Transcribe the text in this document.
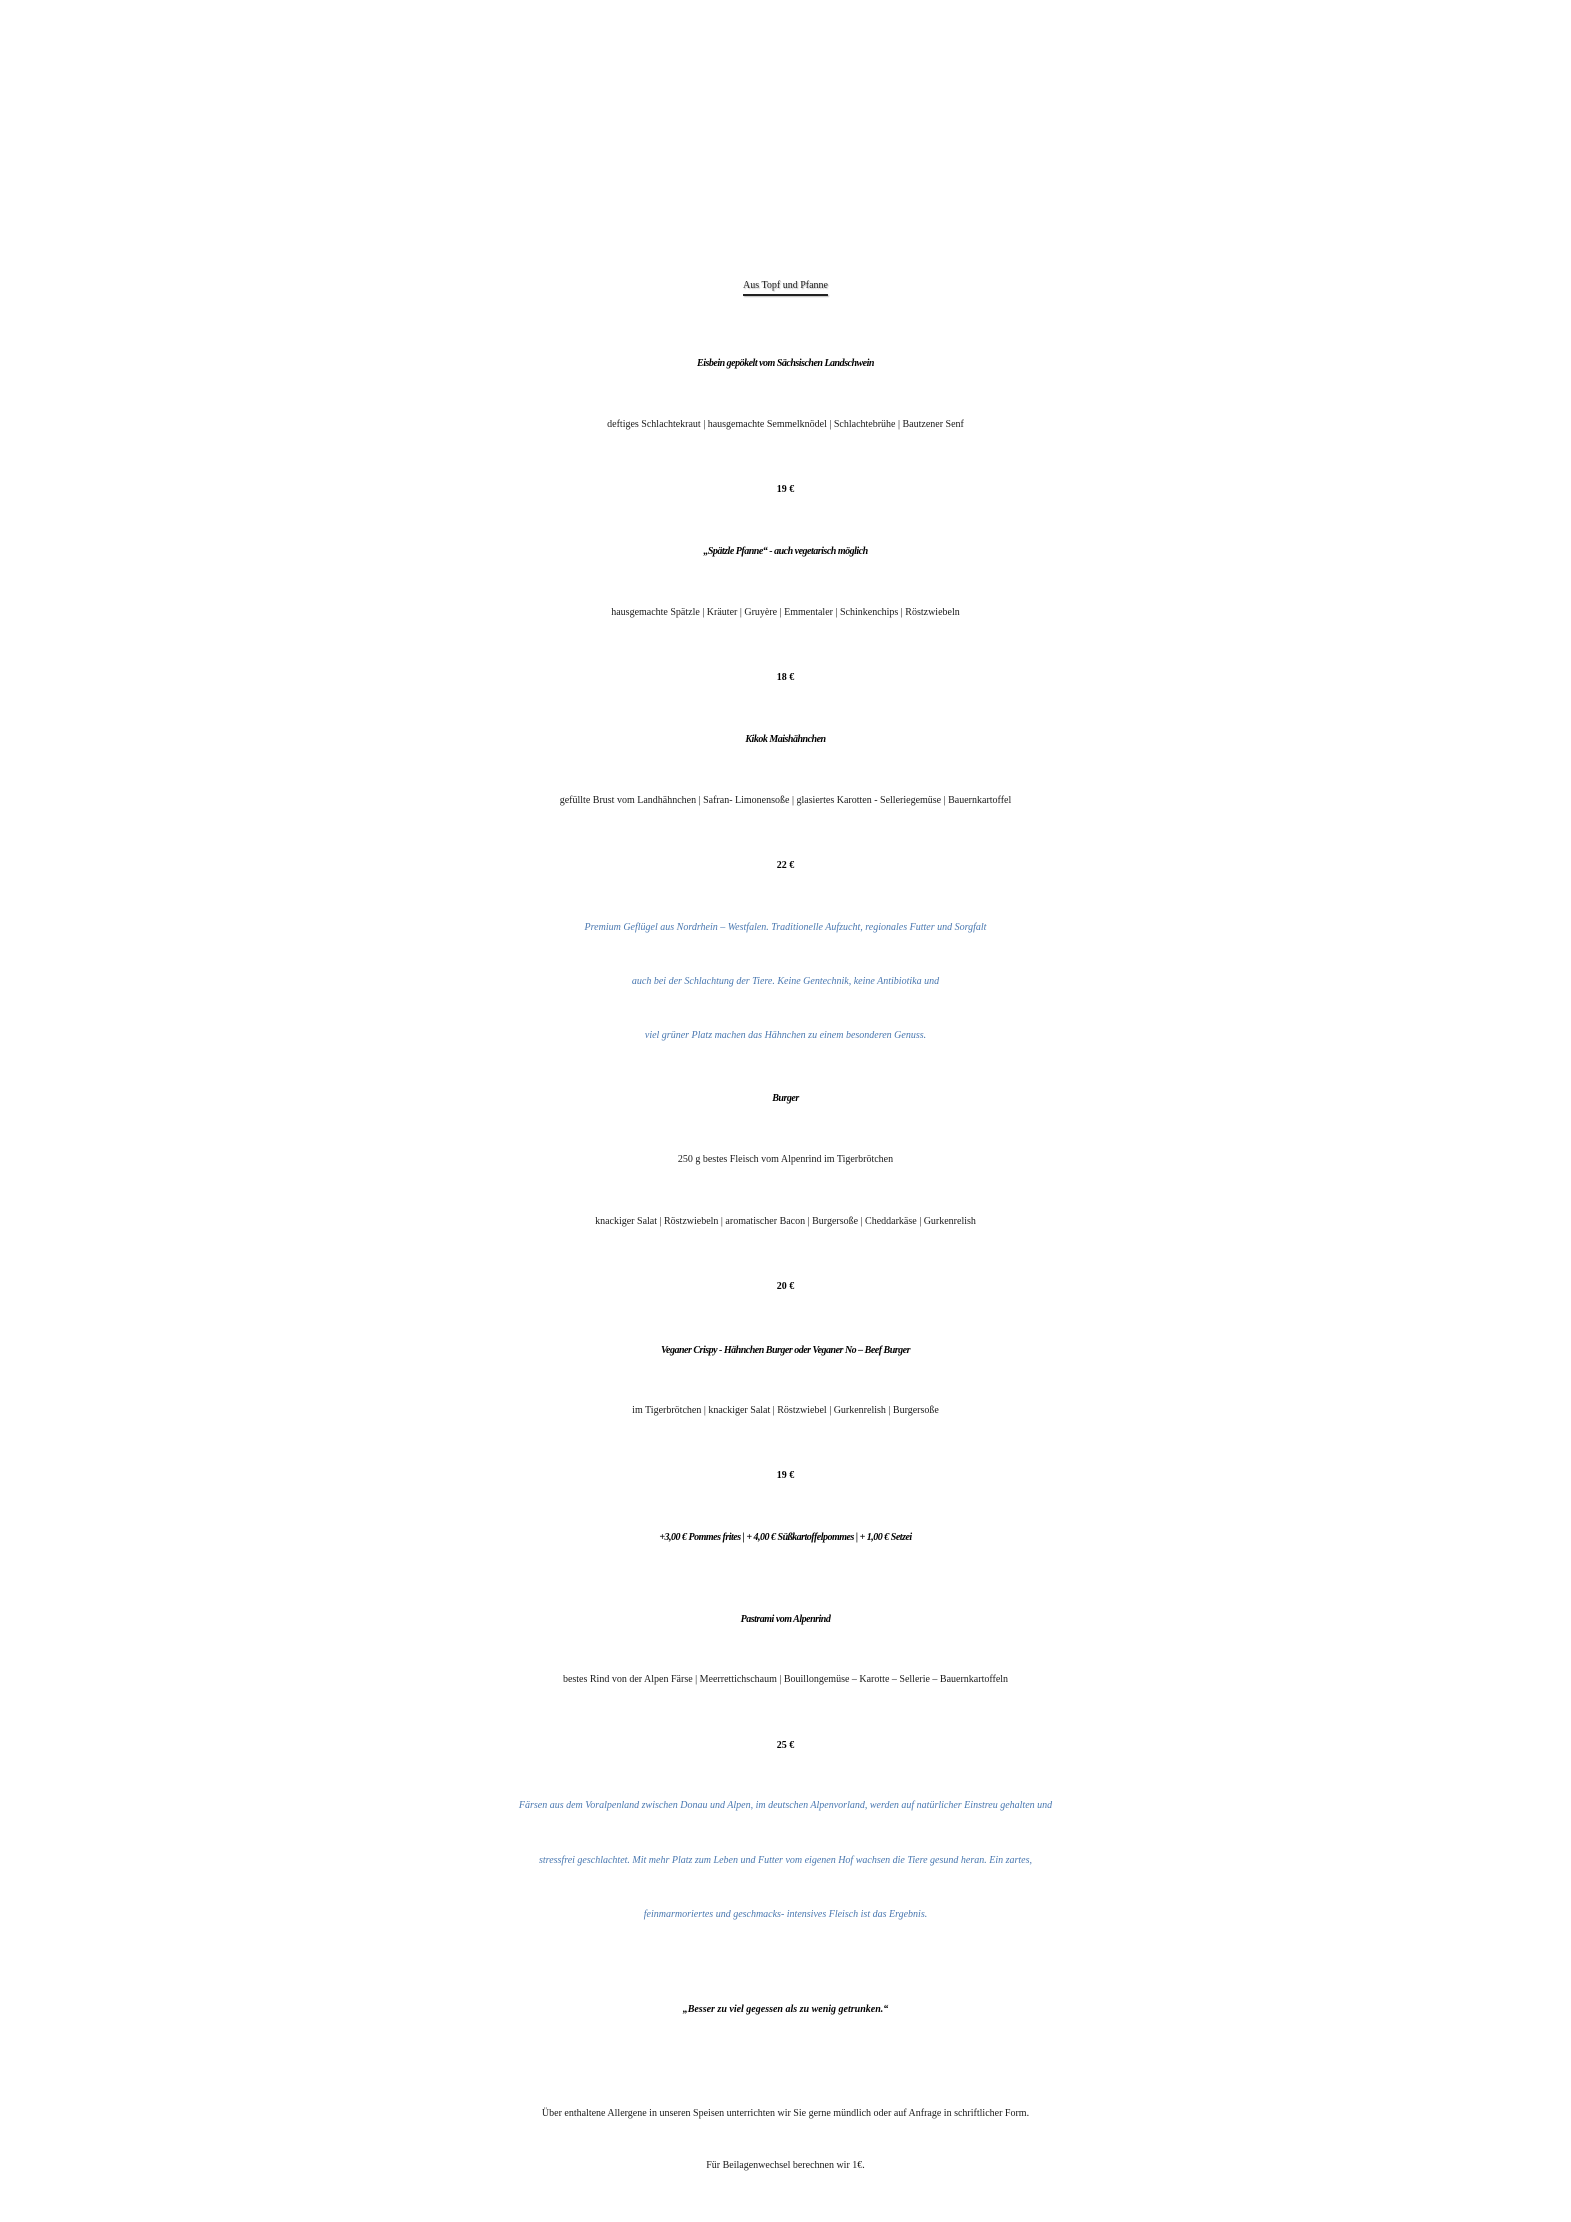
Aus Topf und Pfanne
Eisbein gepökelt vom Sächsischen Landschwein
deftiges Schlachtekraut | hausgemachte Semmelknödel | Schlachtebrühe | Bautzener Senf
19 €
„Spätzle Pfanne“ - auch vegetarisch möglich
hausgemachte Spätzle | Kräuter | Gruyère | Emmentaler | Schinkenchips | Röstzwiebeln
18 €
Kikok Maishähnchen
gefüllte Brust vom Landhähnchen | Safran- Limonensoße | glasiertes Karotten - Selleriegemüse | Bauernkartoffel
22 €
Premium Geflügel aus Nordrhein – Westfalen. Traditionelle Aufzucht, regionales Futter und Sorgfalt
auch bei der Schlachtung der Tiere. Keine Gentechnik, keine Antibiotika und
viel grüner Platz machen das Hähnchen zu einem besonderen Genuss.
Burger
250 g bestes Fleisch vom Alpenrind im Tigerbrötchen
knackiger Salat | Röstzwiebeln | aromatischer Bacon | Burgersoße | Cheddarkäse | Gurkenrelish
20 €
Veganer Crispy - Hähnchen Burger oder Veganer No – Beef Burger
im Tigerbrötchen | knackiger Salat | Röstzwiebel | Gurkenrelish | Burgersoße
19 €
+3,00 € Pommes frites | + 4,00 € Süßkartoffelpommes | + 1,00 € Setzei
Pastrami vom Alpenrind
bestes Rind von der Alpen Färse | Meerrettichschaum | Bouillongemüse – Karotte – Sellerie – Bauernkartoffeln
25 €
Färsen aus dem Voralpenland zwischen Donau und Alpen, im deutschen Alpenvorland, werden auf natürlicher Einstreu gehalten und
stressfrei geschlachtet. Mit mehr Platz zum Leben und Futter vom eigenen Hof wachsen die Tiere gesund heran. Ein zartes,
feinmarmoriertes und geschmacks- intensives Fleisch ist das Ergebnis.
„Besser zu viel gegessen als zu wenig getrunken.“
Über enthaltene Allergene in unseren Speisen unterrichten wir Sie gerne mündlich oder auf Anfrage in schriftlicher Form.
Für Beilagenwechsel berechnen wir 1€.
